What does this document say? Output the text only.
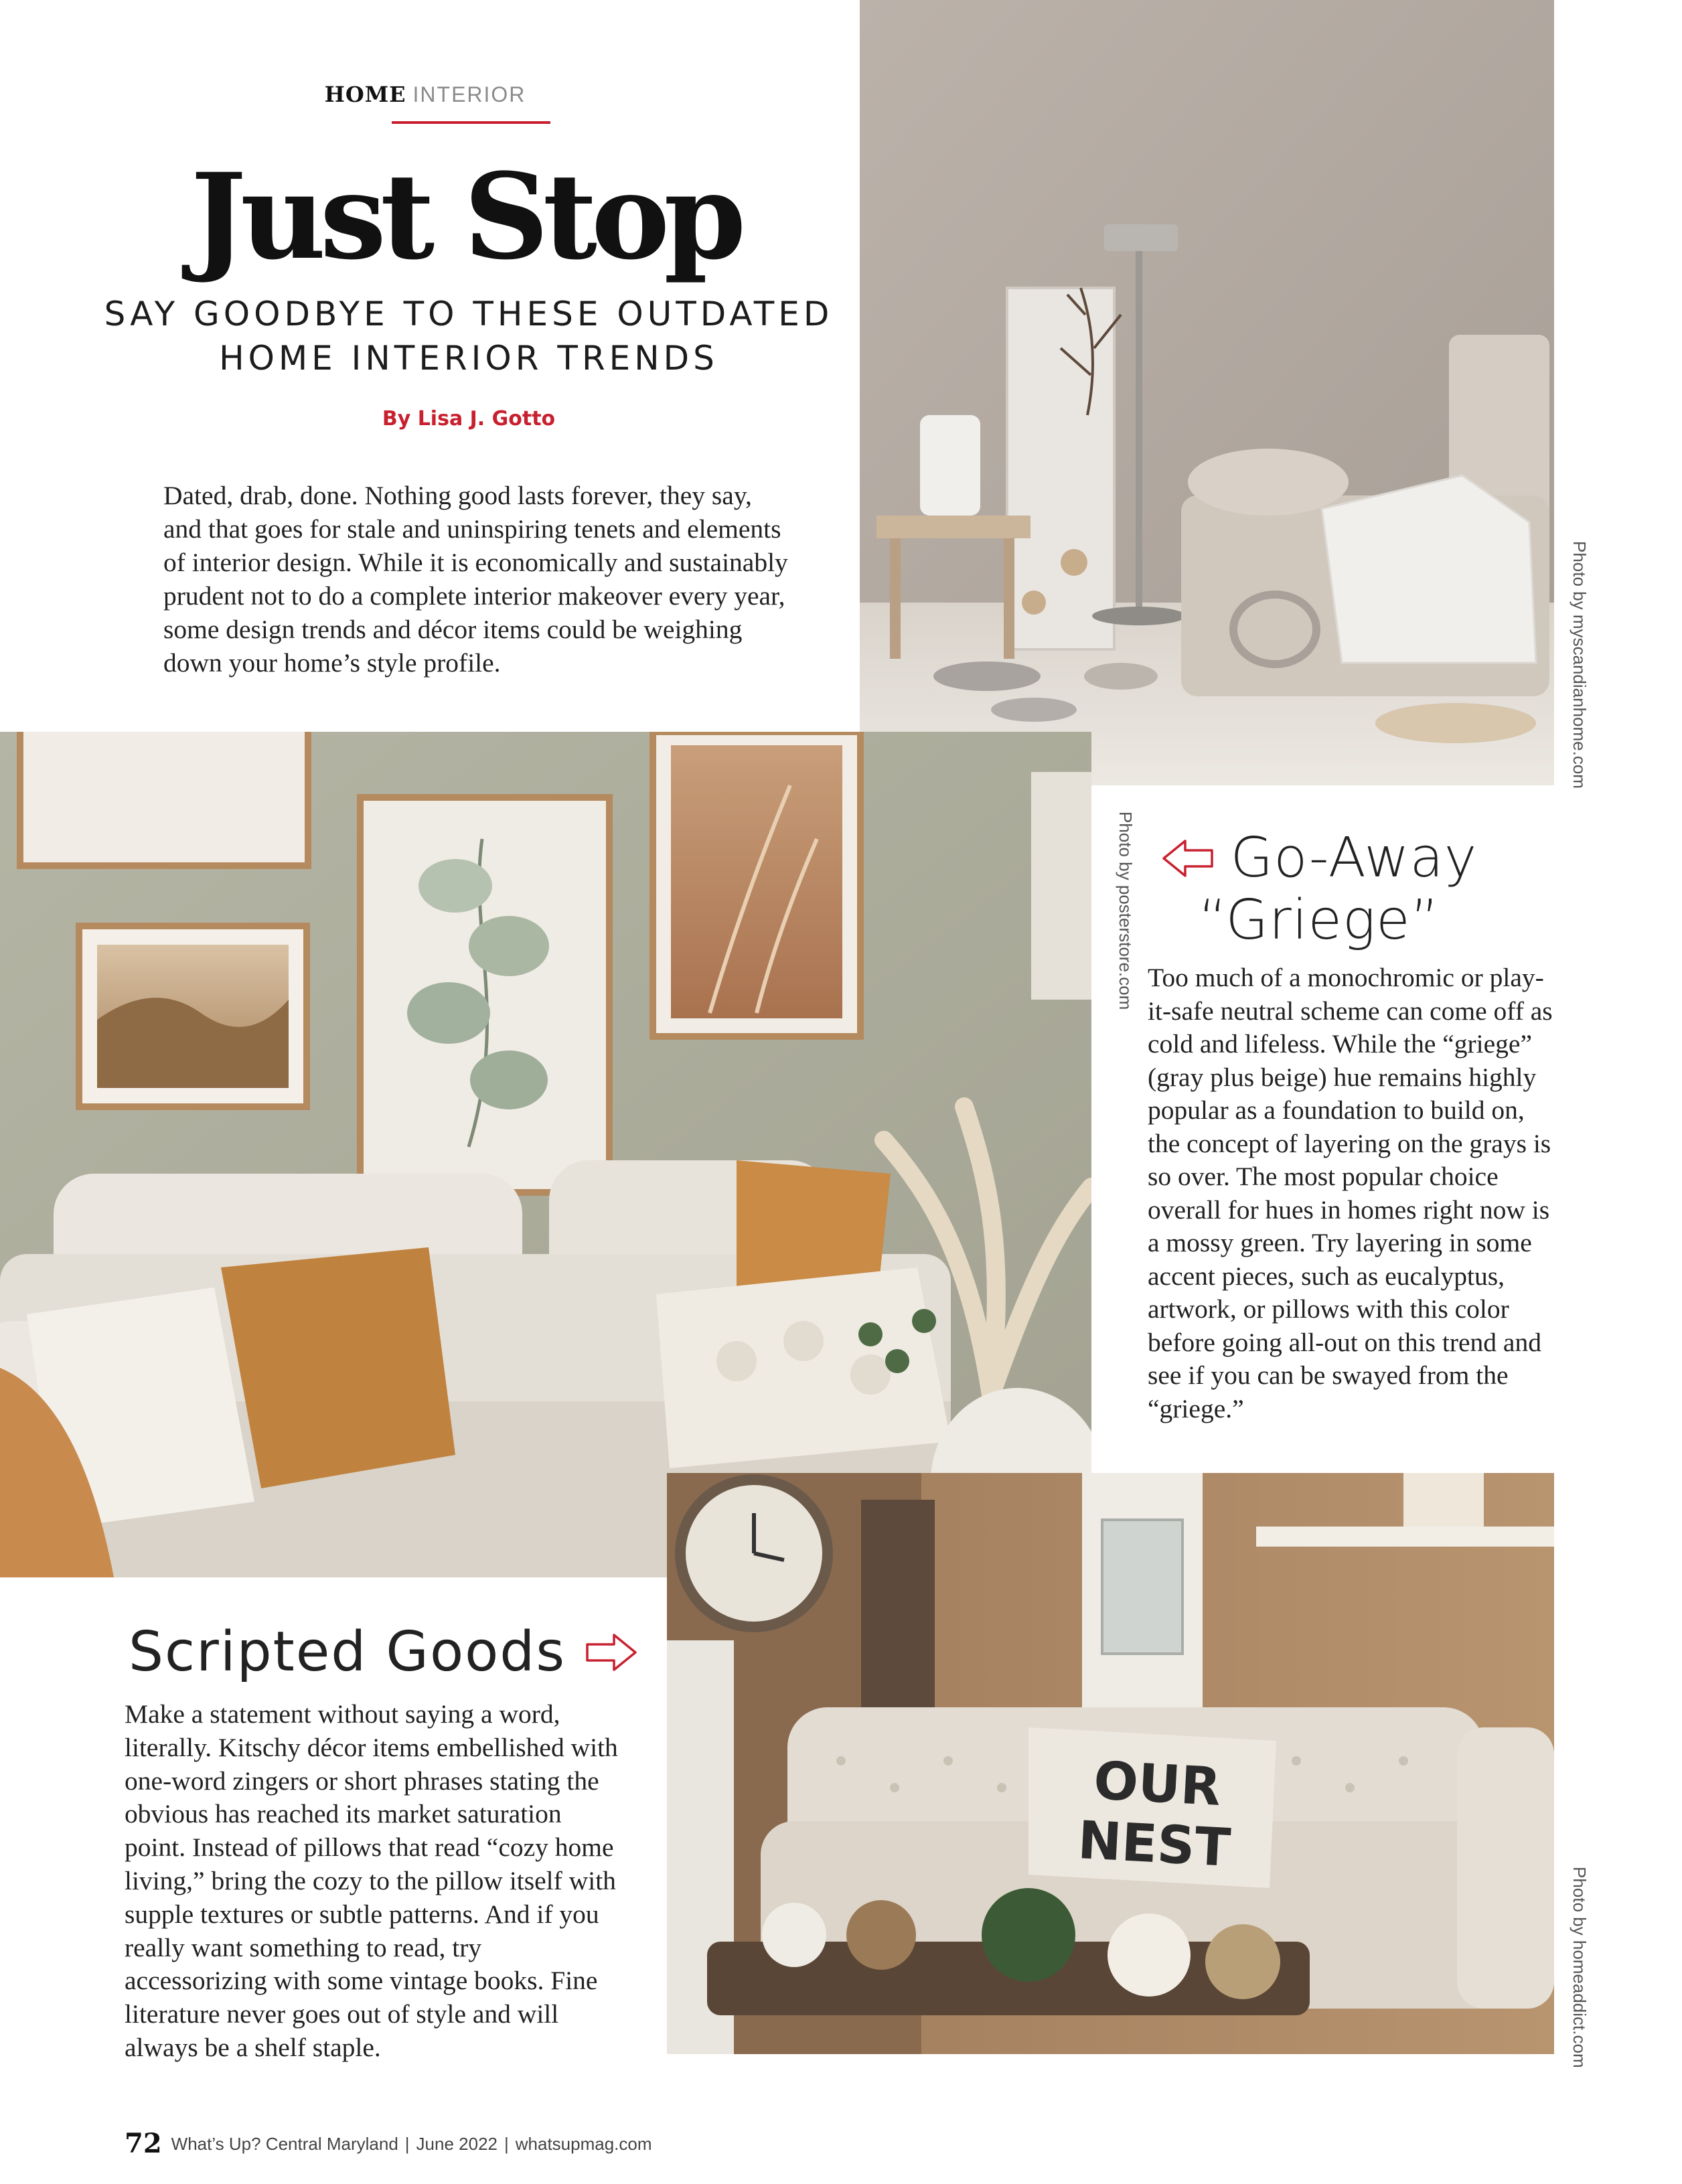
HOME INTERIOR
Just Stop
SAY GOODBYE TO THESE OUTDATED
HOME INTERIOR TRENDS
By Lisa J. Gotto

Dated, drab, done. Nothing good lasts forever, they say, and that goes for stale and uninspiring tenets and elements of interior design. While it is economically and sustainably prudent not to do a complete interior makeover every year, some design trends and décor items could be weighing down your home’s style profile.	Photo by myscandianhome.com
Photo by posterstore.com	Go-Away
“Griege”
Too much of a monochromic or play-it-safe neutral scheme can come off as cold and lifeless. While the “griege” (gray plus beige) hue remains highly popular as a foundation to build on, the concept of layering on the grays is so over. The most popular choice overall for hues in homes right now is a mossy green. Try layering in some accent pieces, such as eucalyptus, artwork, or pillows with this color before going all-out on this trend and see if you can be swayed from the “griege.”
OUR NEST
Photo by homeaddict.com
Scripted Goods
Make a statement without saying a word, literally. Kitschy décor items embellished with one-word zingers or short phrases stating the obvious has reached its market saturation point. Instead of pillows that read “cozy home living,” bring the cozy to the pillow itself with supple textures or subtle patterns. And if you really want something to read, try accessorizing with some vintage books. Fine literature never goes out of style and will always be a shelf staple.
72 What’s Up? Central Maryland | June 2022 | whatsupmag.com
